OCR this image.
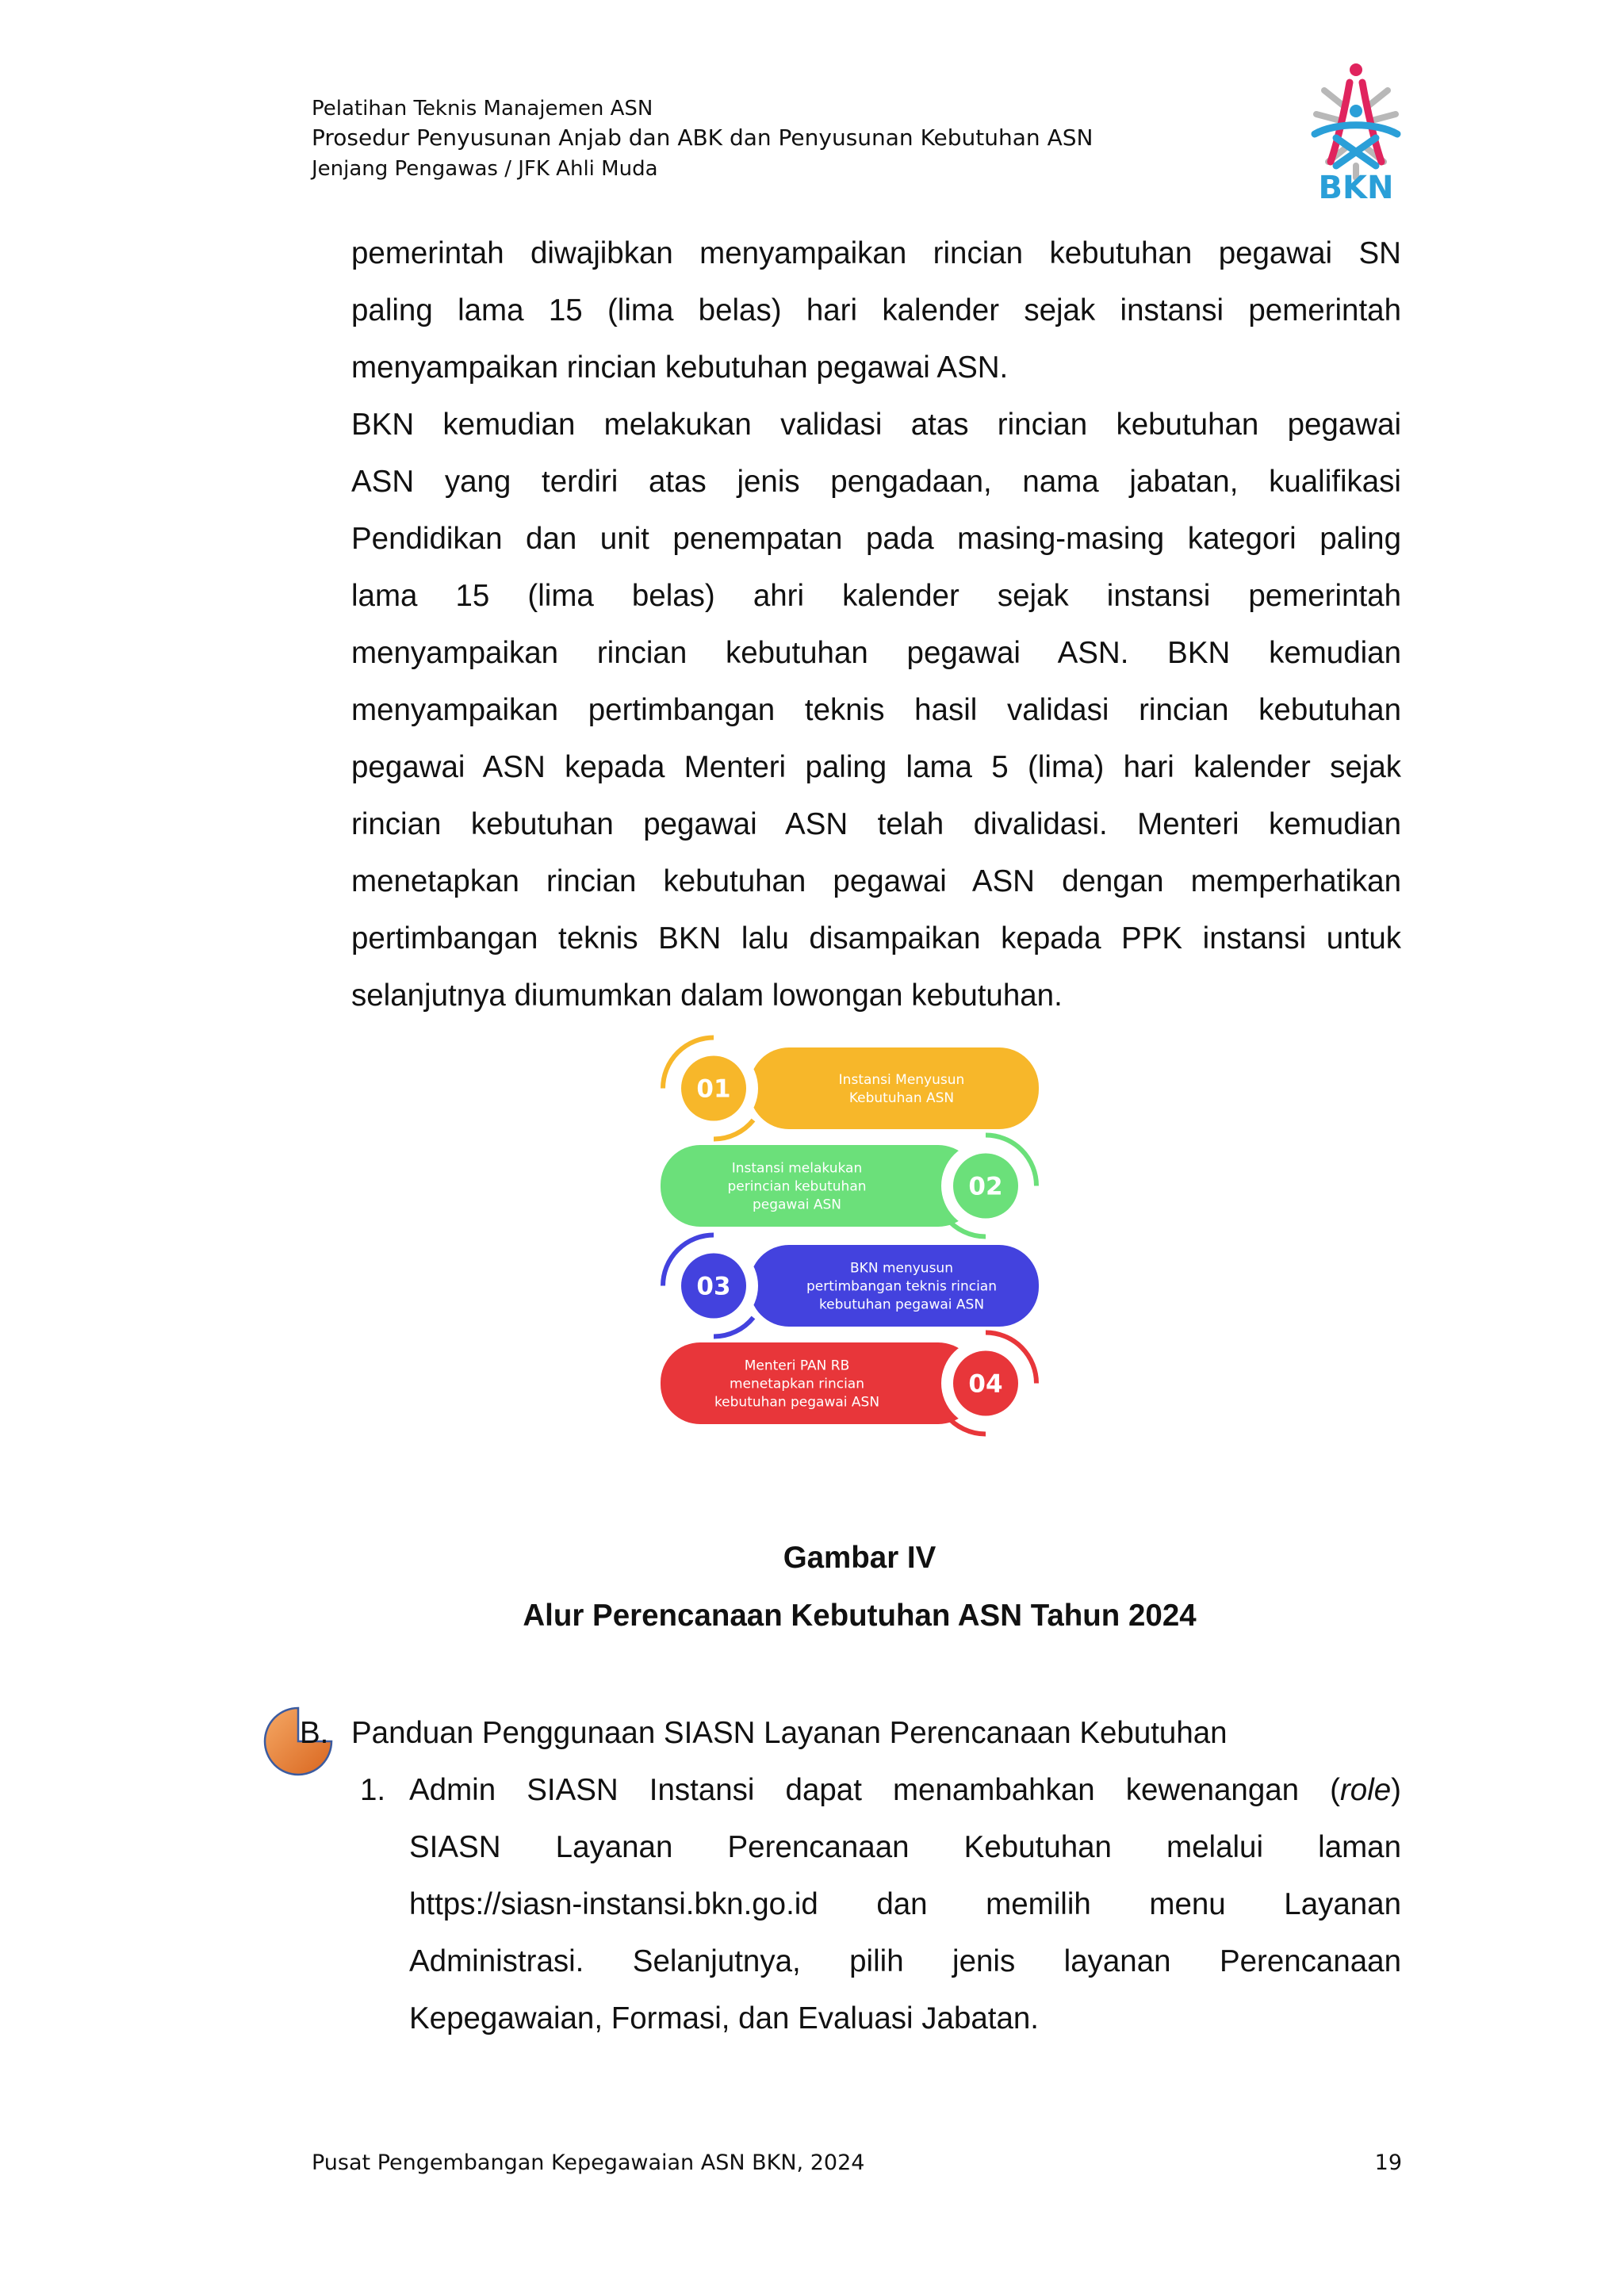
Pelatihan Teknis Manajemen ASN
Prosedur Penyusunan Anjab dan ABK dan Penyusunan Kebutuhan ASN
Jenjang Pengawas / JFK Ahli Muda
BKN
pemerintah diwajibkan menyampaikan rincian kebutuhan pegawai SN
paling lama 15 (lima belas) hari kalender sejak instansi pemerintah
menyampaikan rincian kebutuhan pegawai ASN.
BKN kemudian melakukan validasi atas rincian kebutuhan pegawai
ASN yang terdiri atas jenis pengadaan, nama jabatan, kualifikasi
Pendidikan dan unit penempatan pada masing-masing kategori paling
lama 15 (lima belas) ahri kalender sejak instansi pemerintah
menyampaikan rincian kebutuhan pegawai ASN. BKN kemudian
menyampaikan pertimbangan teknis hasil validasi rincian kebutuhan
pegawai ASN kepada Menteri paling lama 5 (lima) hari kalender sejak
rincian kebutuhan pegawai ASN telah divalidasi. Menteri kemudian
menetapkan rincian kebutuhan pegawai ASN dengan memperhatikan
pertimbangan teknis BKN lalu disampaikan kepada PPK instansi untuk
selanjutnya diumumkan dalam lowongan kebutuhan.
01	Instansi Menyusun
Kebutuhan ASN
02
Instansi melakukan
perincian kebutuhan
pegawai ASN
03
BKN menyusun
pertimbangan teknis rincian
kebutuhan pegawai ASN
04
Menteri PAN RB
menetapkan rincian
kebutuhan pegawai ASN
Gambar IV
Alur Perencanaan Kebutuhan ASN Tahun 2024
B. Panduan Penggunaan SIASN Layanan Perencanaan Kebutuhan
1. Admin SIASN Instansi dapat menambahkan kewenangan (role)
SIASN Layanan Perencanaan Kebutuhan melalui laman
https://siasn-instansi.bkn.go.id dan memilih menu Layanan
Administrasi. Selanjutnya, pilih jenis layanan Perencanaan
Kepegawaian, Formasi, dan Evaluasi Jabatan.
Pusat Pengembangan Kepegawaian ASN BKN, 2024	19
